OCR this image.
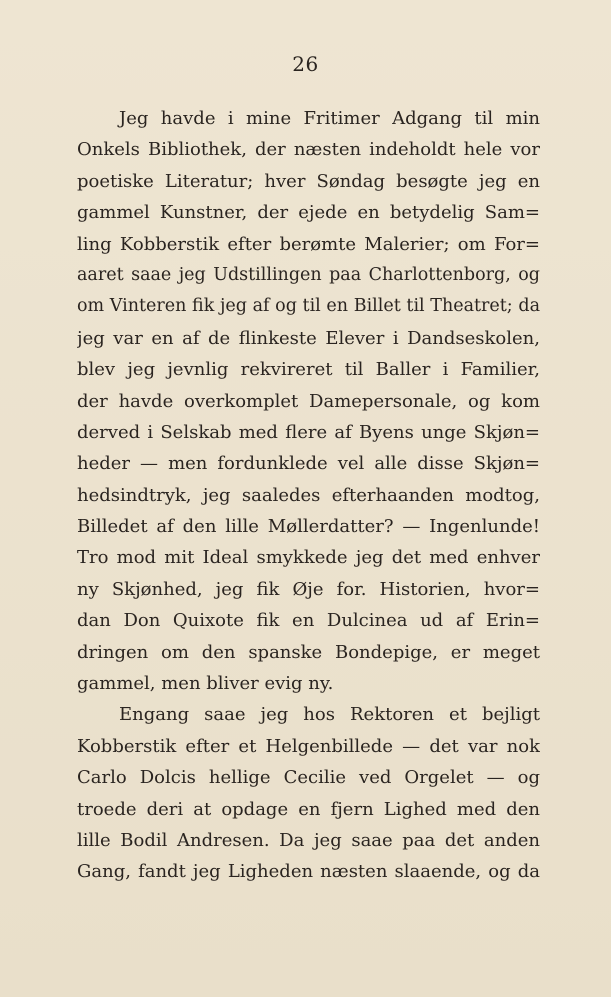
26
Jeg havde i mine Fritimer Adgang til min
Onkels Bibliothek, der næsten indeholdt hele vor
poetiske Literatur; hver Søndag besøgte jeg en
gammel Kunstner, der ejede en betydelig Sam=
ling Kobberstik efter berømte Malerier; om For=
aaret saae jeg Udstillingen paa Charlottenborg, og
om Vinteren fik jeg af og til en Billet til Theatret; da
jeg var en af de flinkeste Elever i Dandseskolen,
blev jeg jevnlig rekvireret til Baller i Familier,
der havde overkomplet Damepersonale, og kom
derved i Selskab med flere af Byens unge Skjøn=
heder — men fordunklede vel alle disse Skjøn=
hedsindtryk, jeg saaledes efterhaanden modtog,
Billedet af den lille Møllerdatter? — Ingenlunde!
Tro mod mit Ideal smykkede jeg det med enhver
ny Skjønhed, jeg fik Øje for. Historien, hvor=
dan Don Quixote fik en Dulcinea ud af Erin=
dringen om den spanske Bondepige, er meget
gammel, men bliver evig ny.
Engang saae jeg hos Rektoren et bejligt
Kobberstik efter et Helgenbillede — det var nok
Carlo Dolcis hellige Cecilie ved Orgelet — og
troede deri at opdage en fjern Lighed med den
lille Bodil Andresen. Da jeg saae paa det anden
Gang, fandt jeg Ligheden næsten slaaende, og da
